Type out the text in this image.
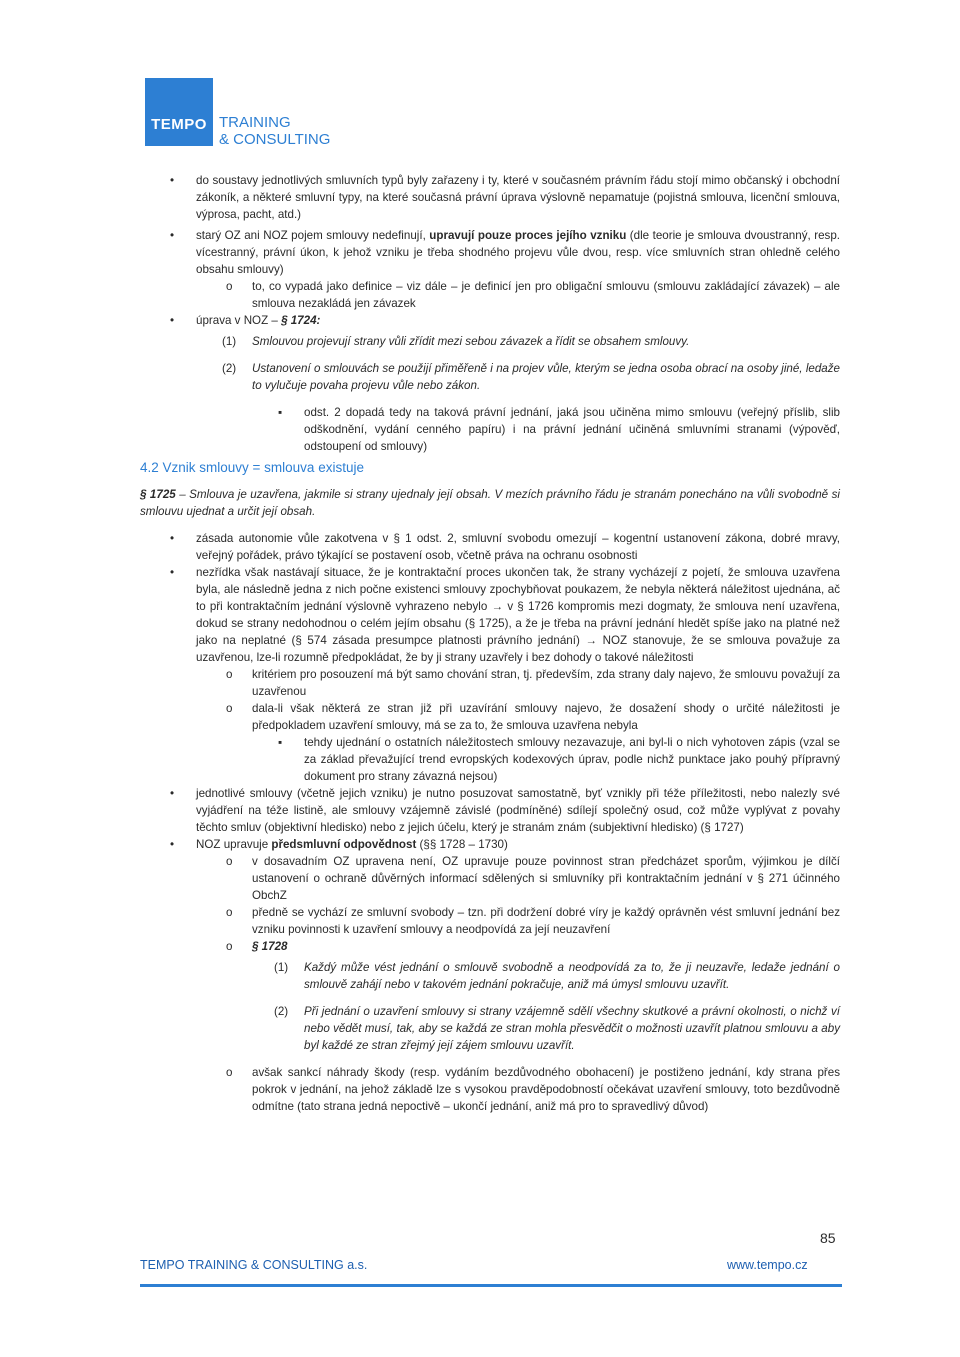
TEMPO TRAINING
& CONSULTING
• do soustavy jednotlivých smluvních typů byly zařazeny i ty, které v současném právním řádu stojí mimo občanský i obchodní zákoník, a některé smluvní typy, na které současná právní úprava výslovně nepamatuje (pojistná smlouva, licenční smlouva, výprosa, pacht, atd.)
• starý OZ ani NOZ pojem smlouvy nedefinují, upravují pouze proces jejího vzniku (dle teorie je smlouva dvoustranný, resp. vícestranný, právní úkon, k jehož vzniku je třeba shodného projevu vůle dvou, resp. více smluvních stran ohledně celého obsahu smlouvy)
o to, co vypadá jako definice – viz dále – je definicí jen pro obligační smlouvu (smlouvu zakládající závazek) – ale smlouva nezakládá jen závazek
• úprava v NOZ – § 1724:
(1) Smlouvou projevují strany vůli zřídit mezi sebou závazek a řídit se obsahem smlouvy.
(2) Ustanovení o smlouvách se použijí přiměřeně i na projev vůle, kterým se jedna osoba obrací na osoby jiné, ledaže to vylučuje povaha projevu vůle nebo zákon.
▪ odst. 2 dopadá tedy na taková právní jednání, jaká jsou učiněna mimo smlouvu (veřejný příslib, slib odškodnění, vydání cenného papíru) i na právní jednání učiněná smluvními stranami (výpověď, odstoupení od smlouvy)
4.2 Vznik smlouvy = smlouva existuje
§ 1725 – Smlouva je uzavřena, jakmile si strany ujednaly její obsah. V mezích právního řádu je stranám ponecháno na vůli svobodně si smlouvu ujednat a určit její obsah.
• zásada autonomie vůle zakotvena v § 1 odst. 2, smluvní svobodu omezují – kogentní ustanovení zákona, dobré mravy, veřejný pořádek, právo týkající se postavení osob, včetně práva na ochranu osobnosti
• nezřídka však nastávají situace, že je kontraktační proces ukončen tak, že strany vycházejí z pojetí, že smlouva uzavřena byla, ale následně jedna z nich počne existenci smlouvy zpochybňovat poukazem, že nebyla některá náležitost ujednána, ač to při kontraktačním jednání výslovně vyhrazeno nebylo → v § 1726 kompromis mezi dogmaty, že smlouva není uzavřena, dokud se strany nedohodnou o celém jejím obsahu (§ 1725), a že je třeba na právní jednání hledět spíše jako na platné než jako na neplatné (§ 574 zásada presumpce platnosti právního jednání) → NOZ stanovuje, že se smlouva považuje za uzavřenou, lze-li rozumně předpokládat, že by ji strany uzavřely i bez dohody o takové náležitosti
o kritériem pro posouzení má být samo chování stran, tj. především, zda strany daly najevo, že smlouvu považují za uzavřenou
o dala-li však některá ze stran již při uzavírání smlouvy najevo, že dosažení shody o určité náležitosti je předpokladem uzavření smlouvy, má se za to, že smlouva uzavřena nebyla
▪ tehdy ujednání o ostatních náležitostech smlouvy nezavazuje, ani byl-li o nich vyhotoven zápis (vzal se za základ převažující trend evropských kodexových úprav, podle nichž punktace jako pouhý přípravný dokument pro strany závazná nejsou)
• jednotlivé smlouvy (včetně jejich vzniku) je nutno posuzovat samostatně, byť vznikly při téže příležitosti, nebo nalezly své vyjádření na téže listině, ale smlouvy vzájemně závislé (podmíněné) sdílejí společný osud, což může vyplývat z povahy těchto smluv (objektivní hledisko) nebo z jejich účelu, který je stranám znám (subjektivní hledisko) (§ 1727)
• NOZ upravuje předsmluvní odpovědnost (§§ 1728 – 1730)
o v dosavadním OZ upravena není, OZ upravuje pouze povinnost stran předcházet sporům, výjimkou je dílčí ustanovení o ochraně důvěrných informací sdělených si smluvníky při kontraktačním jednání v § 271 účinného ObchZ
o předně se vychází ze smluvní svobody – tzn. při dodržení dobré víry je každý oprávněn vést smluvní jednání bez vzniku povinnosti k uzavření smlouvy a neodpovídá za její neuzavření
o § 1728
(1) Každý může vést jednání o smlouvě svobodně a neodpovídá za to, že ji neuzavře, ledaže jednání o smlouvě zahájí nebo v takovém jednání pokračuje, aniž má úmysl smlouvu uzavřít.
(2) Při jednání o uzavření smlouvy si strany vzájemně sdělí všechny skutkové a právní okolnosti, o nichž ví nebo vědět musí, tak, aby se každá ze stran mohla přesvědčit o možnosti uzavřít platnou smlouvu a aby byl každé ze stran zřejmý její zájem smlouvu uzavřít.
o avšak sankcí náhrady škody (resp. vydáním bezdůvodného obohacení) je postiženo jednání, kdy strana přes pokrok v jednání, na jehož základě lze s vysokou pravděpodobností očekávat uzavření smlouvy, toto bezdůvodně odmítne (tato strana jedná nepoctivě – ukončí jednání, aniž má pro to spravedlivý důvod)
85
TEMPO TRAINING & CONSULTING a.s.	www.tempo.cz
